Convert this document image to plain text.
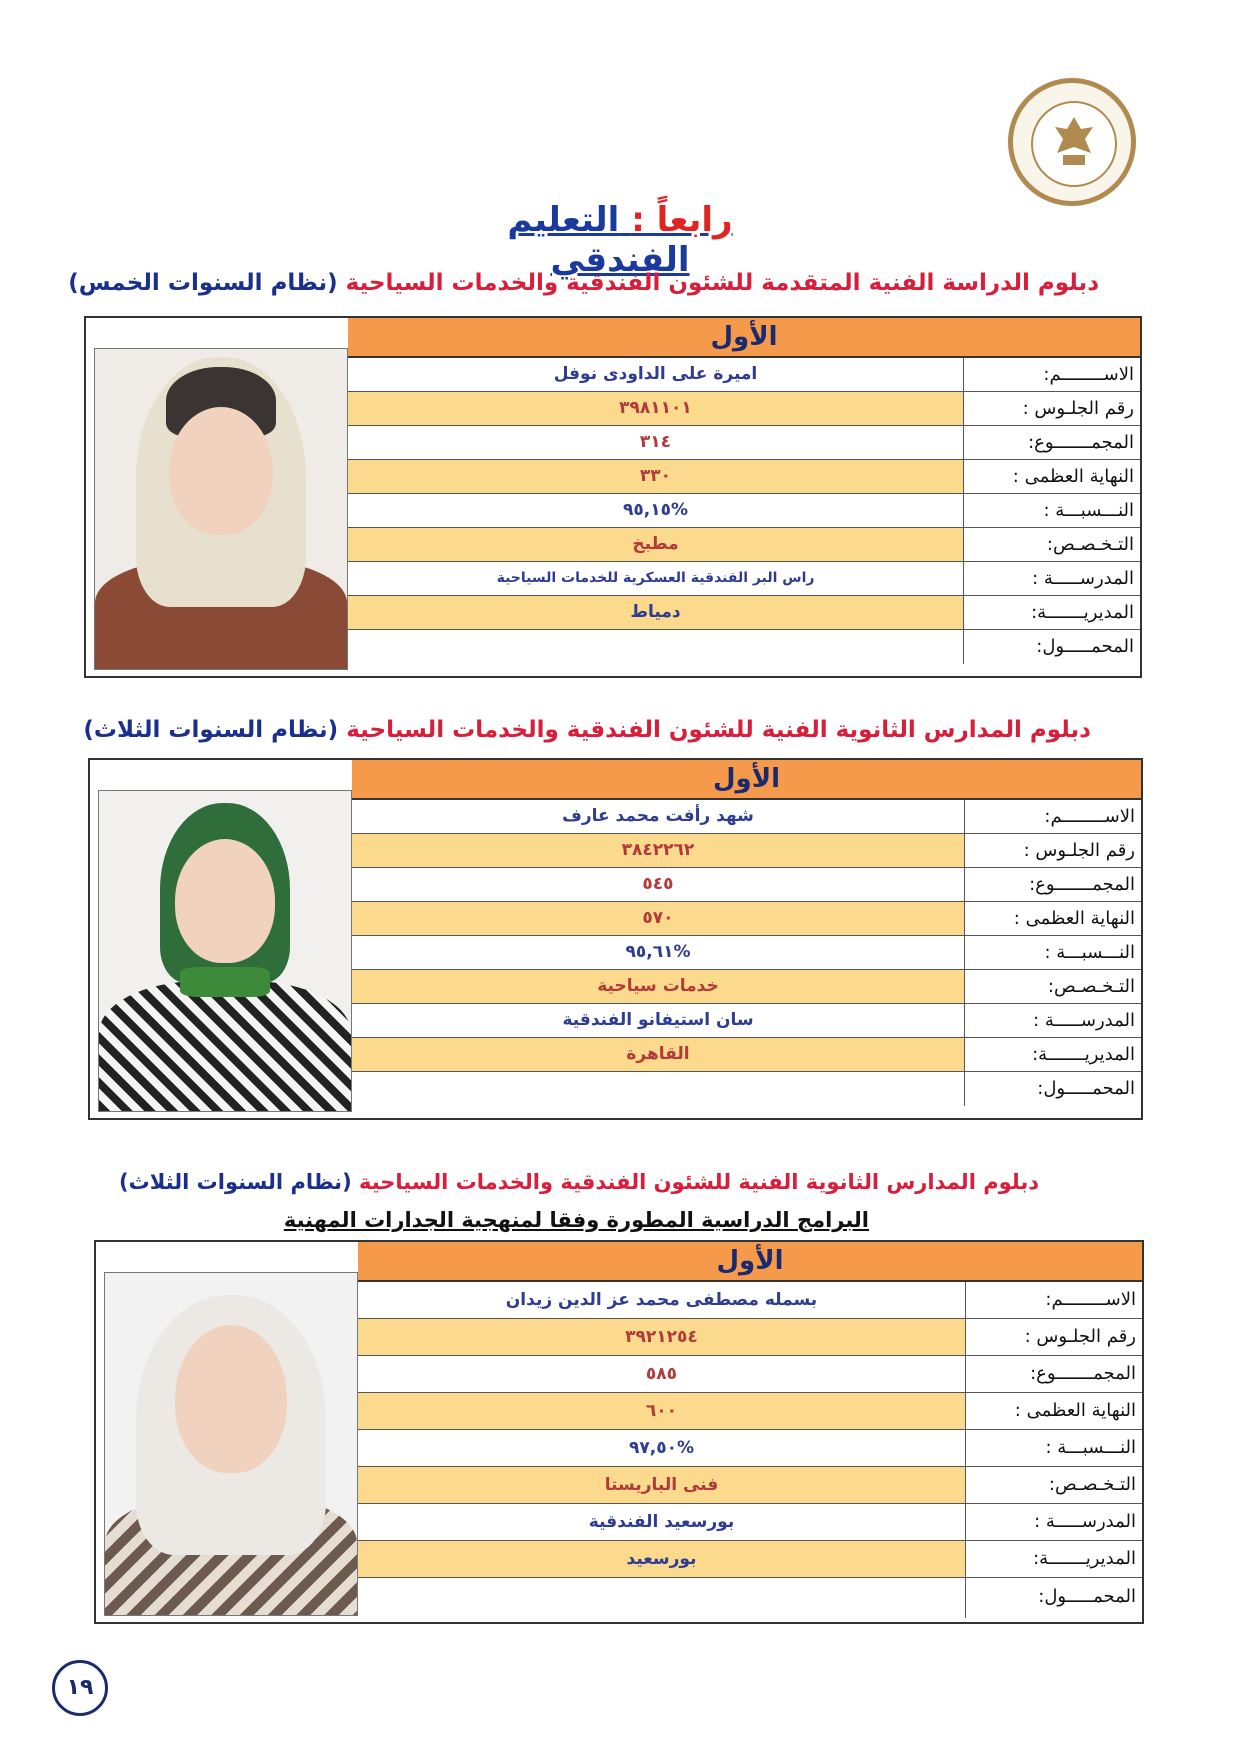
رابعاً : التعليم الفندقي
دبلوم الدراسة الفنية المتقدمة للشئون الفندقية والخدمات السياحية (نظام السنوات الخمس)
الأول
اميرة على الداودى نوفل	الاســــــــم:
٣٩٨١١٠١	رقم الجلـوس :
٣١٤	المجمـــــــوع:
٣٣٠	النهاية العظمى :
%٩٥,١٥	النـــسبـــة :
مطبخ	التـخـصـص:
راس البر الفندقية العسكرية للخدمات السياحية	المدرســـــة :
دمياط	المديريـــــــة:
المحمـــــول:
دبلوم المدارس الثانوية الفنية للشئون الفندقية والخدمات السياحية (نظام السنوات الثلاث)
الأول
شهد رأفت محمد عارف	الاســــــــم:
٣٨٤٢٢٦٢	رقم الجلـوس :
٥٤٥	المجمـــــــوع:
٥٧٠	النهاية العظمى :
%٩٥,٦١	النـــسبـــة :
خدمات سياحية	التـخـصـص:
سان استيفانو الفندقية	المدرســـــة :
القاهرة	المديريـــــــة:
المحمـــــول:
دبلوم المدارس الثانوية الفنية للشئون الفندقية والخدمات السياحية (نظام السنوات الثلاث)
البرامج الدراسية المطورة وفقا لمنهجية الجدارات المهنية
الأول
بسمله مصطفى محمد عز الدين زيدان	الاســــــــم:
٣٩٢١٢٥٤	رقم الجلـوس :
٥٨٥	المجمـــــــوع:
٦٠٠	النهاية العظمى :
%٩٧,٥٠	النـــسبـــة :
فنى الباريستا	التـخـصـص:
بورسعيد الفندقية	المدرســـــة :
بورسعيد	المديريـــــــة:
المحمـــــول:
١٩
